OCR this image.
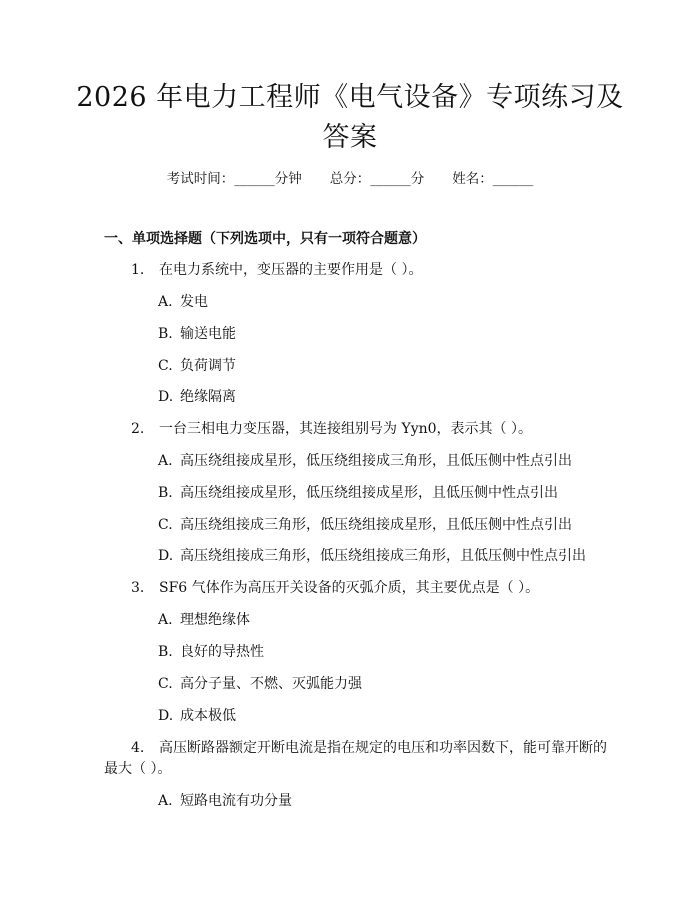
2026 年电力工程师《电气设备》专项练习及
答案
考试时间：______分钟 总分：______分 姓名：______
一、单项选择题（下列选项中，只有一项符合题意）
1. 在电力系统中，变压器的主要作用是（ ）。
A. 发电
B. 输送电能
C. 负荷调节
D. 绝缘隔离
2. 一台三相电力变压器，其连接组别号为 Yyn0，表示其（ ）。
A. 高压绕组接成星形，低压绕组接成三角形，且低压侧中性点引出
B. 高压绕组接成星形，低压绕组接成星形，且低压侧中性点引出
C. 高压绕组接成三角形，低压绕组接成星形，且低压侧中性点引出
D. 高压绕组接成三角形，低压绕组接成三角形，且低压侧中性点引出
3. SF6 气体作为高压开关设备的灭弧介质，其主要优点是（ ）。
A. 理想绝缘体
B. 良好的导热性
C. 高分子量、不燃、灭弧能力强
D. 成本极低
4. 高压断路器额定开断电流是指在规定的电压和功率因数下，能可靠开断的
最大（ ）。
A. 短路电流有功分量
